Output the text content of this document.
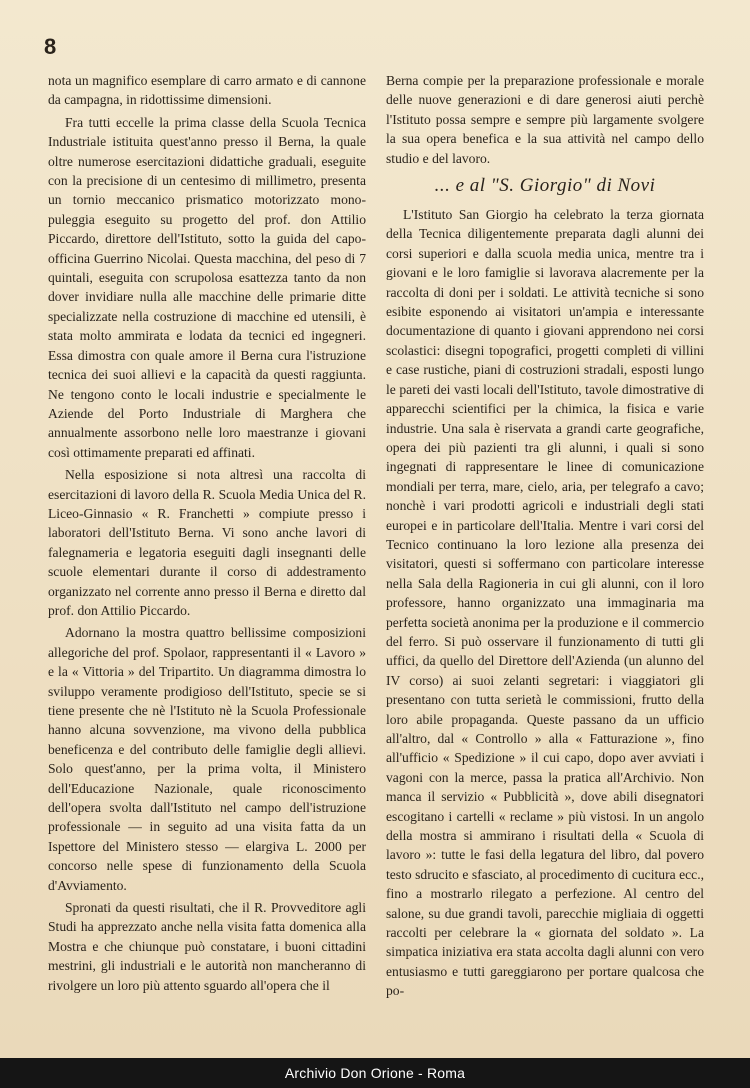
8

nota un magnifico esemplare di carro armato e di cannone da campagna, in ridottissime dimensioni.

Fra tutti eccelle la prima classe della Scuola Tecnica Industriale istituita quest'anno presso il Berna, la quale oltre numerose esercitazioni didattiche graduali, eseguite con la precisione di un centesimo di millimetro, presenta un tornio meccanico prismatico motorizzato mono-puleggia eseguito su progetto del prof. don Attilio Piccardo, direttore dell'Istituto, sotto la guida del capo-officina Guerrino Nicolai. Questa macchina, del peso di 7 quintali, eseguita con scrupolosa esattezza tanto da non dover invidiare nulla alle macchine delle primarie ditte specializzate nella costruzione di macchine ed utensili, è stata molto ammirata e lodata da tecnici ed ingegneri. Essa dimostra con quale amore il Berna cura l'istruzione tecnica dei suoi allievi e la capacità da questi raggiunta. Ne tengono conto le locali industrie e specialmente le Aziende del Porto Industriale di Marghera che annualmente assorbono nelle loro maestranze i giovani così ottimamente preparati ed affinati.

Nella esposizione si nota altresì una raccolta di esercitazioni di lavoro della R. Scuola Media Unica del R. Liceo-Ginnasio « R. Franchetti » compiute presso i laboratori dell'Istituto Berna. Vi sono anche lavori di falegnameria e legatoria eseguiti dagli insegnanti delle scuole elementari durante il corso di addestramento organizzato nel corrente anno presso il Berna e diretto dal prof. don Attilio Piccardo.

Adornano la mostra quattro bellissime composizioni allegoriche del prof. Spolaor, rappresentanti il « Lavoro » e la « Vittoria » del Tripartito. Un diagramma dimostra lo sviluppo veramente prodigioso dell'Istituto, specie se si tiene presente che nè l'Istituto nè la Scuola Professionale hanno alcuna sovvenzione, ma vivono della pubblica beneficenza e del contributo delle famiglie degli allievi. Solo quest'anno, per la prima volta, il Ministero dell'Educazione Nazionale, quale riconoscimento dell'opera svolta dall'Istituto nel campo dell'istruzione professionale — in seguito ad una visita fatta da un Ispettore del Ministero stesso — elargiva L. 2000 per concorso nelle spese di funzionamento della Scuola d'Avviamento.

Spronati da questi risultati, che il R. Provveditore agli Studi ha apprezzato anche nella visita fatta domenica alla Mostra e che chiunque può constatare, i buoni cittadini mestrini, gli industriali e le autorità non mancheranno di rivolgere un loro più attento sguardo all'opera che il

Berna compie per la preparazione professionale e morale delle nuove generazioni e di dare generosi aiuti perchè l'Istituto possa sempre e sempre più largamente svolgere la sua opera benefica e la sua attività nel campo dello studio e del lavoro.

... e al "S. Giorgio" di Novi

L'Istituto San Giorgio ha celebrato la terza giornata della Tecnica diligentemente preparata dagli alunni dei corsi superiori e dalla scuola media unica, mentre tra i giovani e le loro famiglie si lavorava alacremente per la raccolta di doni per i soldati. Le attività tecniche si sono esibite esponendo ai visitatori un'ampia e interessante documentazione di quanto i giovani apprendono nei corsi scolastici: disegni topografici, progetti completi di villini e case rustiche, piani di costruzioni stradali, esposti lungo le pareti dei vasti locali dell'Istituto, tavole dimostrative di apparecchi scientifici per la chimica, la fisica e varie industrie. Una sala è riservata a grandi carte geografiche, opera dei più pazienti tra gli alunni, i quali si sono ingegnati di rappresentare le linee di comunicazione mondiali per terra, mare, cielo, aria, per telegrafo a cavo; nonchè i vari prodotti agricoli e industriali degli stati europei e in particolare dell'Italia. Mentre i vari corsi del Tecnico continuano la loro lezione alla presenza dei visitatori, questi si soffermano con particolare interesse nella Sala della Ragioneria in cui gli alunni, con il loro professore, hanno organizzato una immaginaria ma perfetta società anonima per la produzione e il commercio del ferro. Si può osservare il funzionamento di tutti gli uffici, da quello del Direttore dell'Azienda (un alunno del IV corso) ai suoi zelanti segretari: i viaggiatori gli presentano con tutta serietà le commissioni, frutto della loro abile propaganda. Queste passano da un ufficio all'altro, dal « Controllo » alla « Fatturazione », fino all'ufficio « Spedizione » il cui capo, dopo aver avviati i vagoni con la merce, passa la pratica all'Archivio. Non manca il servizio « Pubblicità », dove abili disegnatori escogitano i cartelli « reclame » più vistosi. In un angolo della mostra si ammirano i risultati della « Scuola di lavoro »: tutte le fasi della legatura del libro, dal povero testo sdrucito e sfasciato, al procedimento di cucitura ecc., fino a mostrarlo rilegato a perfezione. Al centro del salone, su due grandi tavoli, parecchie migliaia di oggetti raccolti per celebrare la « giornata del soldato ». La simpatica iniziativa era stata accolta dagli alunni con vero entusiasmo e tutti gareggiarono per portare qualcosa che po-

Archivio Don Orione - Roma
